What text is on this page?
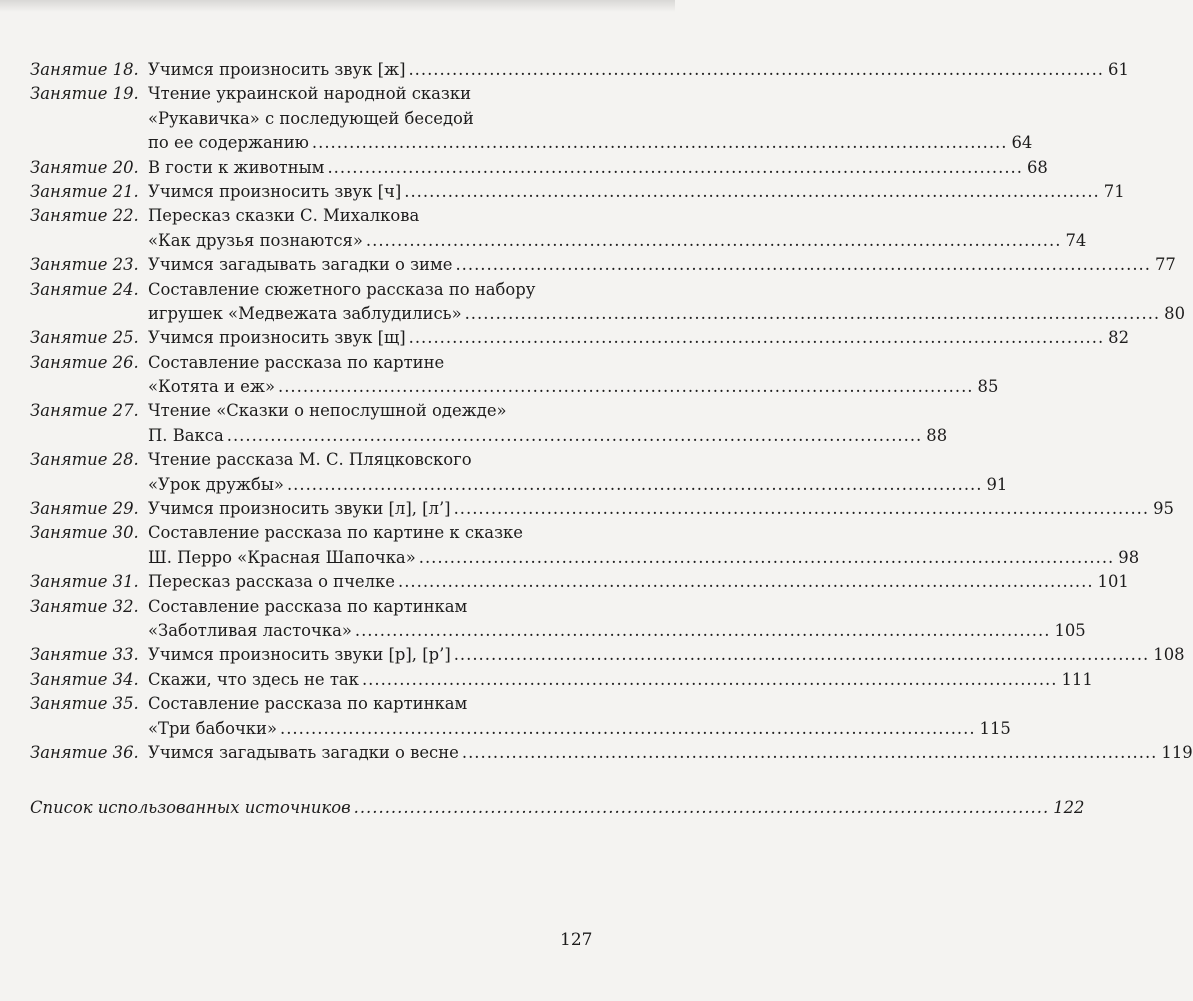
Занятие 18. Учимся произносить звук [ж] .....	61
Занятие 19. Чтение украинской народной сказки
«Рукавичка» с последующей беседой
по ее содержанию .....	64
Занятие 20. В гости к животным .....	68
Занятие 21. Учимся произносить звук [ч] .....	71
Занятие 22. Пересказ сказки С. Михалкова
«Как друзья познаются» .....	74
Занятие 23. Учимся загадывать загадки о зиме .....	77
Занятие 24. Составление сюжетного рассказа по набору
игрушек «Медвежата заблудились» .....	80
Занятие 25. Учимся произносить звук [щ] .....	82
Занятие 26. Составление рассказа по картине
«Котята и еж» .....	85
Занятие 27. Чтение «Сказки о непослушной одежде»
П. Вакса .....	88
Занятие 28. Чтение рассказа М. С. Пляцковского
«Урок дружбы» .....	91
Занятие 29. Учимся произносить звуки [л], [л’] .....	95
Занятие 30. Составление рассказа по картине к сказке
Ш. Перро «Красная Шапочка» .....	98
Занятие 31. Пересказ рассказа о пчелке .....	101
Занятие 32. Составление рассказа по картинкам
«Заботливая ласточка» .....	105
Занятие 33. Учимся произносить звуки [р], [р’] .....	108
Занятие 34. Скажи, что здесь не так .....	111
Занятие 35. Составление рассказа по картинкам
«Три бабочки» .....	115
Занятие 36. Учимся загадывать загадки о весне .....	119
Список использованных источников .....	122
127
